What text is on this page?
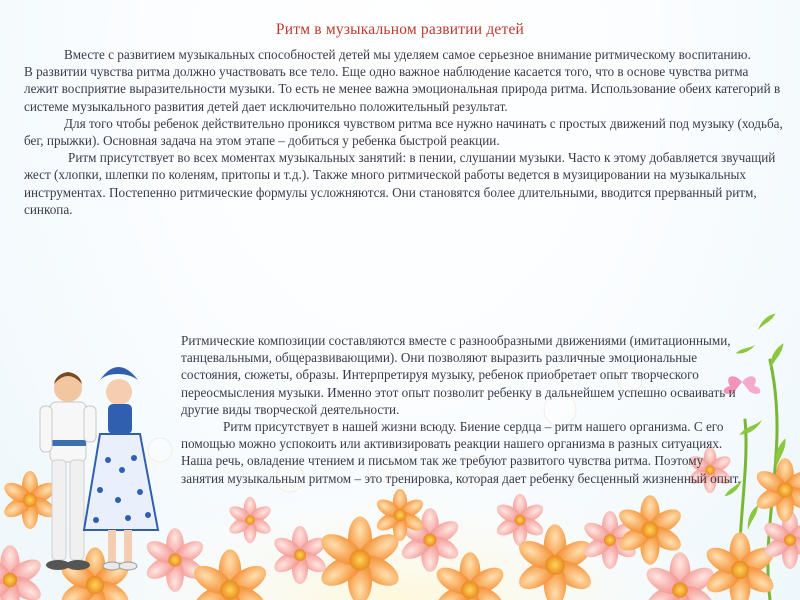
Ритм в музыкальном развитии детей

Вместе с развитием музыкальных способностей детей мы уделяем самое серьезное внимание ритмическому воспитанию.

В развитии чувства ритма должно участвовать все тело. Еще одно важное наблюдение касается того, что в основе чувства ритма лежит восприятие выразительности музыки. То есть не менее важна эмоциональная природа ритма. Использование обеих категорий в системе музыкального развития детей дает исключительно положительный результат.

Для того чтобы ребенок действительно проникся чувством ритма все нужно начинать с простых движений под музыку (ходьба, бег, прыжки). Основная задача на этом этапе – добиться у ребенка быстрой реакции.

Ритм присутствует во всех моментах музыкальных занятий: в пении, слушании музыки. Часто к этому добавляется звучащий жест (хлопки, шлепки по коленям, притопы и т.д.). Также много ритмической работы ведется в музицировании на музыкальных инструментах. Постепенно ритмические формулы усложняются. Они становятся более длительными, вводится прерванный ритм, синкопа.

Ритмические композиции составляются вместе с разнообразными движениями (имитационными, танцевальными, общеразвивающими). Они позволяют выразить различные эмоциональные состояния, сюжеты, образы. Интерпретируя музыку, ребенок приобретает опыт творческого переосмысления музыки. Именно этот опыт позволит ребенку в дальнейшем успешно осваивать и другие виды творческой деятельности.

Ритм присутствует в нашей жизни всюду. Биение сердца – ритм нашего организма. С его помощью можно успокоить или активизировать реакции нашего организма в разных ситуациях. Наша речь, овладение чтением и письмом так же требуют развитого чувства ритма. Поэтому занятия музыкальным ритмом – это тренировка, которая дает ребенку бесценный жизненный опыт.
